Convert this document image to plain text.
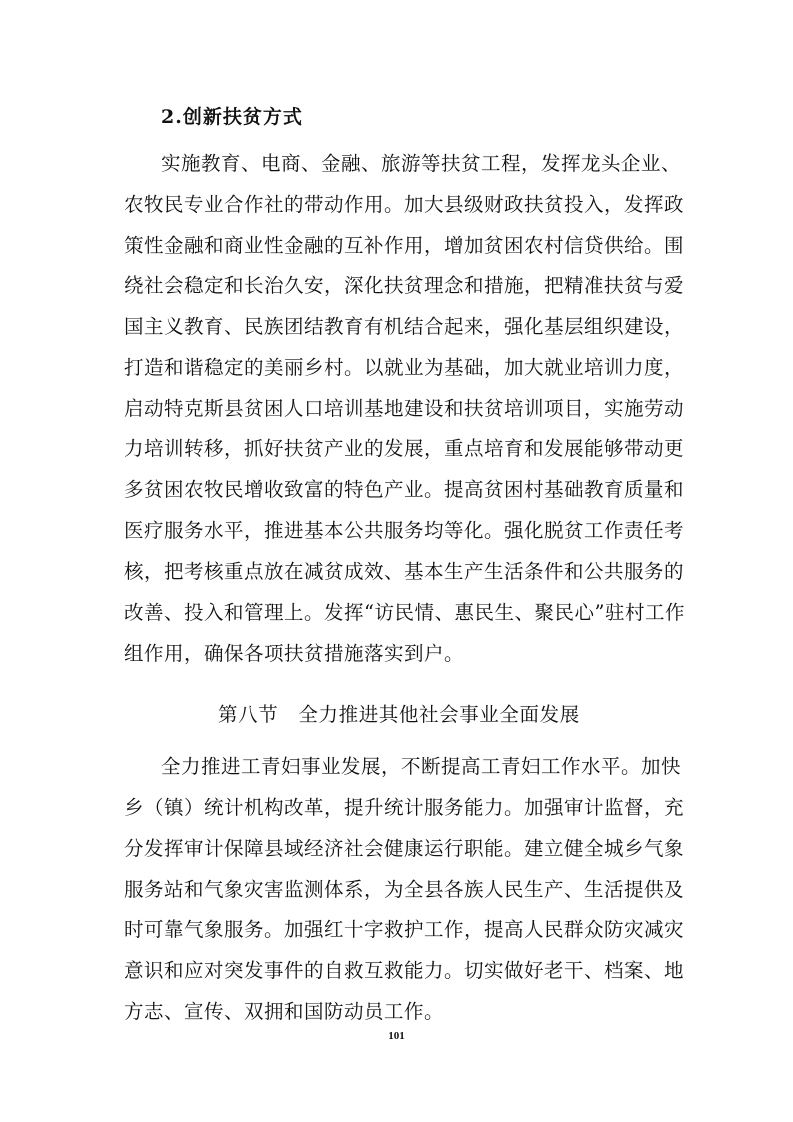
2.创新扶贫方式
实施教育、电商、金融、旅游等扶贫工程，发挥龙头企业、
农牧民专业合作社的带动作用。加大县级财政扶贫投入，发挥政
策性金融和商业性金融的互补作用，增加贫困农村信贷供给。围
绕社会稳定和长治久安，深化扶贫理念和措施，把精准扶贫与爱
国主义教育、民族团结教育有机结合起来，强化基层组织建设，
打造和谐稳定的美丽乡村。以就业为基础，加大就业培训力度，
启动特克斯县贫困人口培训基地建设和扶贫培训项目，实施劳动
力培训转移，抓好扶贫产业的发展，重点培育和发展能够带动更
多贫困农牧民增收致富的特色产业。提高贫困村基础教育质量和
医疗服务水平，推进基本公共服务均等化。强化脱贫工作责任考
核，把考核重点放在减贫成效、基本生产生活条件和公共服务的
改善、投入和管理上。发挥“访民情、惠民生、聚民心”驻村工作
组作用，确保各项扶贫措施落实到户。
第八节　全力推进其他社会事业全面发展
全力推进工青妇事业发展，不断提高工青妇工作水平。加快
乡（镇）统计机构改革，提升统计服务能力。加强审计监督，充
分发挥审计保障县域经济社会健康运行职能。建立健全城乡气象
服务站和气象灾害监测体系，为全县各族人民生产、生活提供及
时可靠气象服务。加强红十字救护工作，提高人民群众防灾减灾
意识和应对突发事件的自救互救能力。切实做好老干、档案、地
方志、宣传、双拥和国防动员工作。
101
